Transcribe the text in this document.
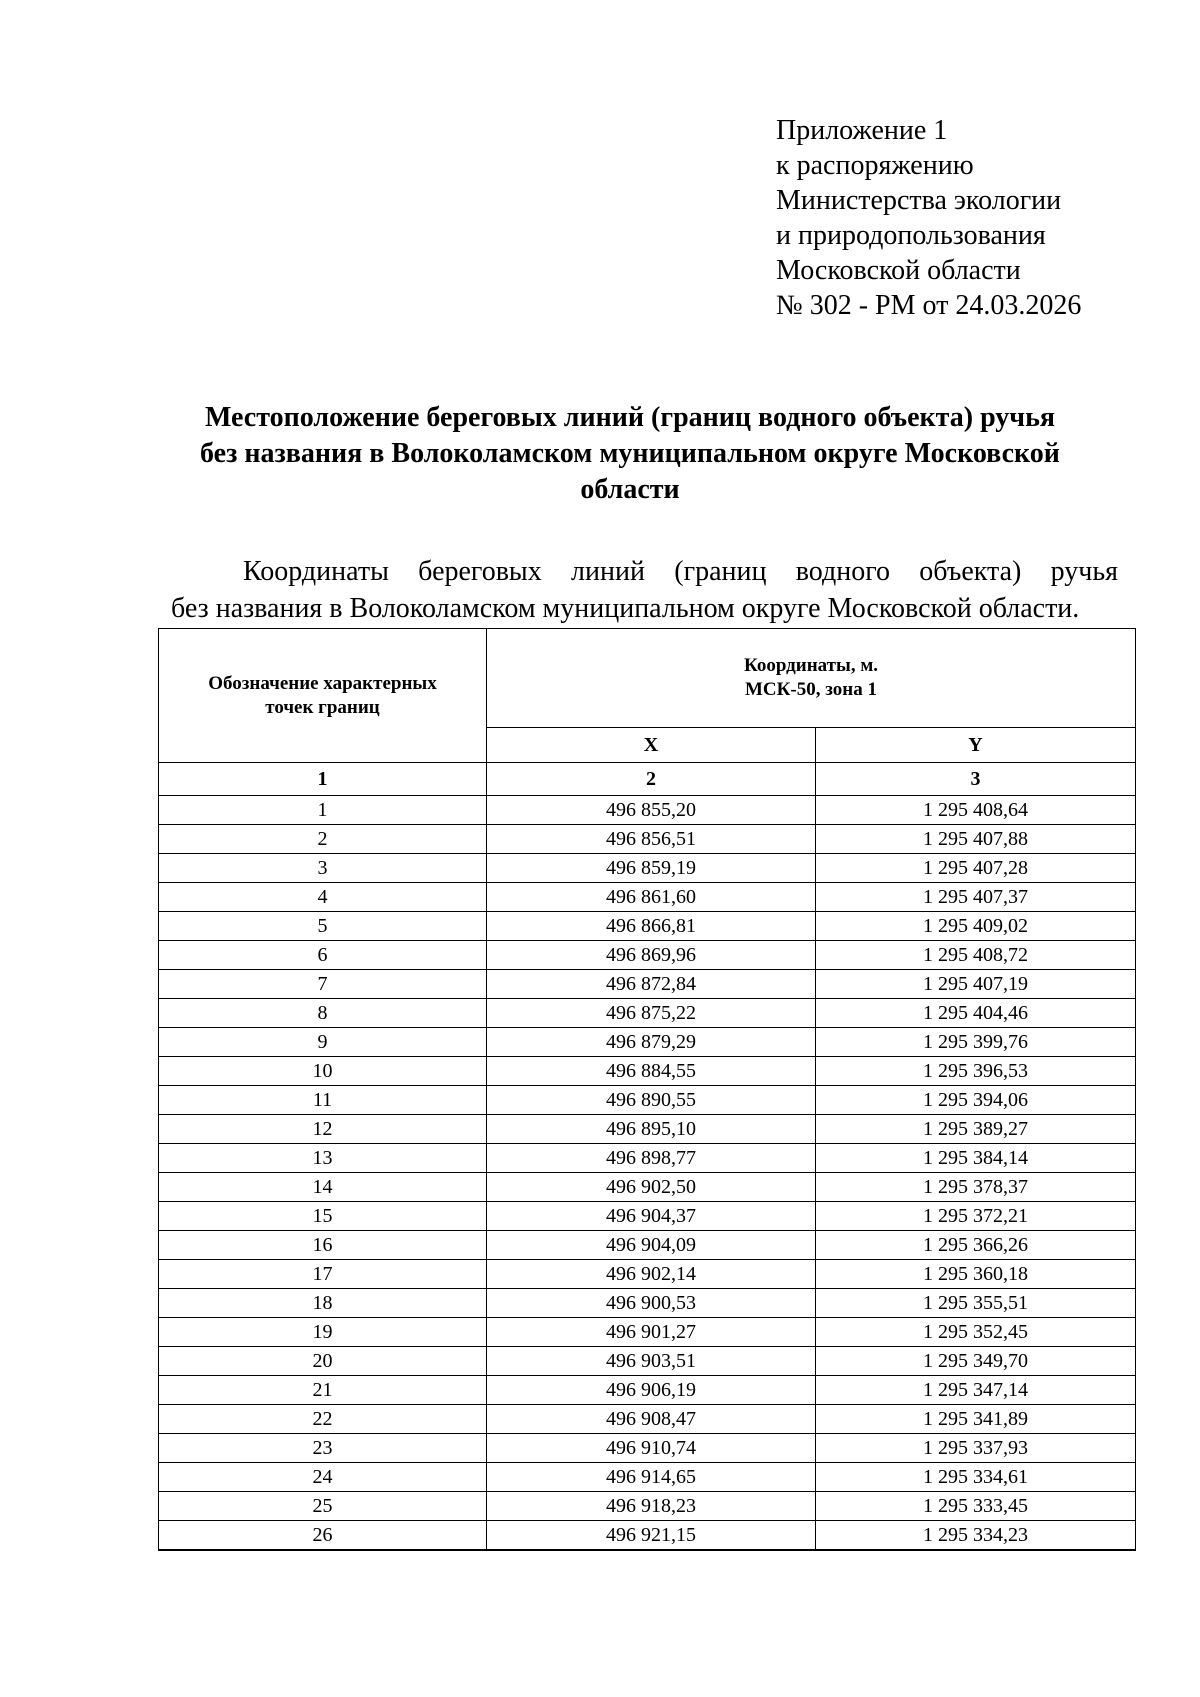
Приложение 1
к распоряжению
Министерства экологии
и природопользования
Московской области
№ 302 - РМ от 24.03.2026
Местоположение береговых линий (границ водного объекта) ручья
без названия в Волоколамском муниципальном округе Московской
области
Координаты береговых линий (границ водного объекта) ручья
без названия в Волоколамском муниципальном округе Московской области.
Обозначение характерных точек границ	Координаты, м.
МСК-50, зона 1	

	X	Y
1	2	3
1	496 855,20	1 295 408,64
2	496 856,51	1 295 407,88
3	496 859,19	1 295 407,28
4	496 861,60	1 295 407,37
5	496 866,81	1 295 409,02
6	496 869,96	1 295 408,72
7	496 872,84	1 295 407,19
8	496 875,22	1 295 404,46
9	496 879,29	1 295 399,76
10	496 884,55	1 295 396,53
11	496 890,55	1 295 394,06
12	496 895,10	1 295 389,27
13	496 898,77	1 295 384,14
14	496 902,50	1 295 378,37
15	496 904,37	1 295 372,21
16	496 904,09	1 295 366,26
17	496 902,14	1 295 360,18
18	496 900,53	1 295 355,51
19	496 901,27	1 295 352,45
20	496 903,51	1 295 349,70
21	496 906,19	1 295 347,14
22	496 908,47	1 295 341,89
23	496 910,74	1 295 337,93
24	496 914,65	1 295 334,61
25	496 918,23	1 295 333,45
26	496 921,15	1 295 334,23
